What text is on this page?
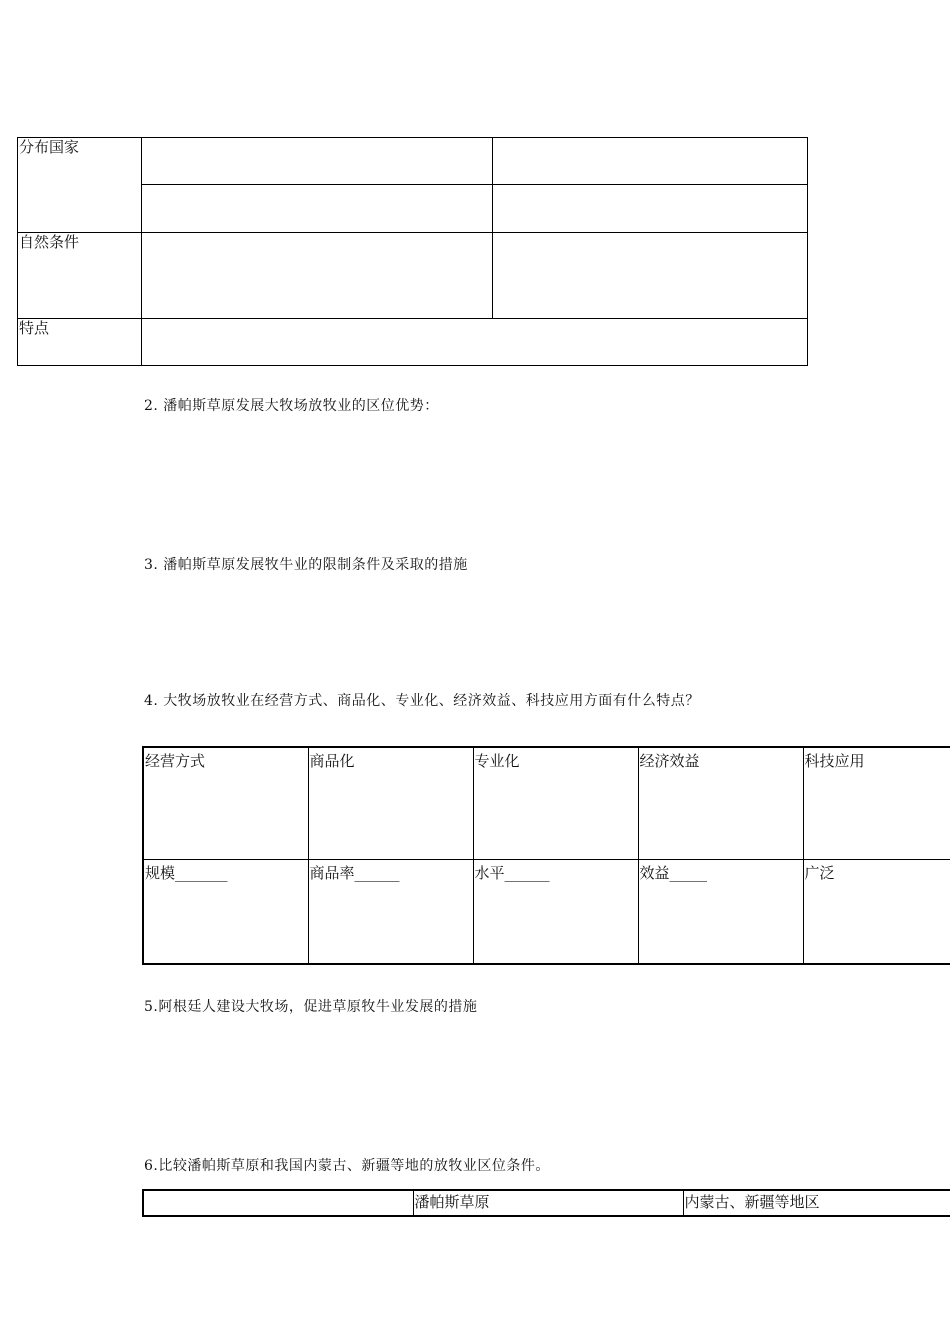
分布国家		

自然条件		
特点		
2. 潘帕斯草原发展大牧场放牧业的区位优势：
3. 潘帕斯草原发展牧牛业的限制条件及采取的措施
4. 大牧场放牧业在经营方式、商品化、专业化、经济效益、科技应用方面有什么特点？
经营方式	商品化	专业化	经济效益	科技应用
规模_______	商品率______	水平______	效益_____	广泛
5.阿根廷人建设大牧场，促进草原牧牛业发展的措施
6.比较潘帕斯草原和我国内蒙古、新疆等地的放牧业区位条件。
	潘帕斯草原	内蒙古、新疆等地区
